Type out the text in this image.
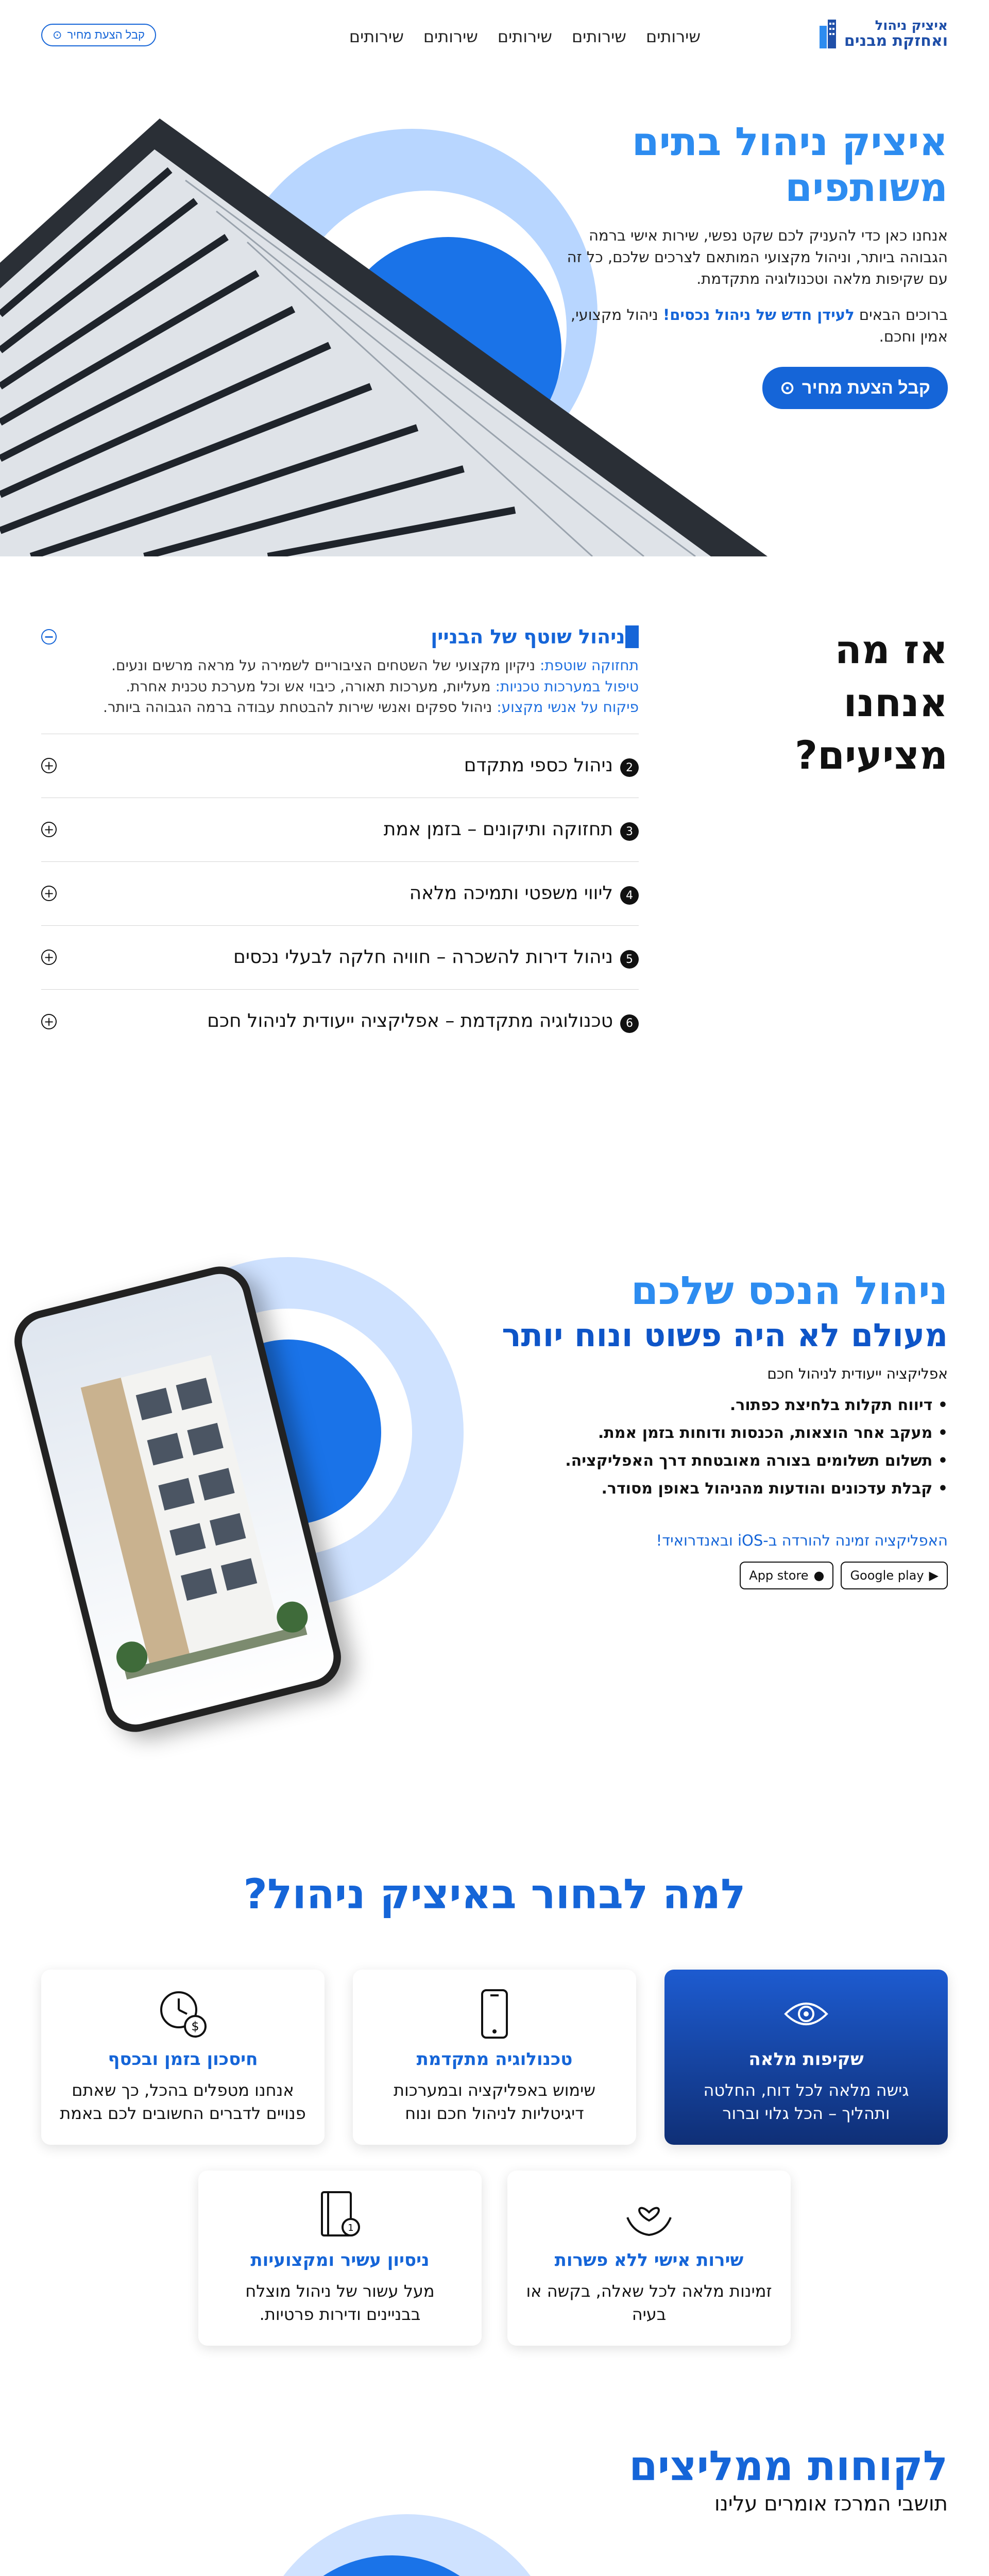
איציק ניהול
ואחזקת מבנים
שירותים
שירותים
שירותים
שירותים
שירותים
קבל הצעת מחיר
⊙
איציק ניהול בתים משותפים

אנחנו כאן כדי להעניק לכם שקט נפשי, שירות אישי ברמה הגבוהה ביותר, וניהול מקצועי המותאם לצרכים שלכם, כל זה עם שקיפות מלאה וטכנולוגיה מתקדמת.

ברוכים הבאים לעידן חדש של ניהול נכסים! ניהול מקצועי, אמין וחכם.

קבל הצעת מחיר
⊙
אז מה אנחנו מציעים?
1ניהול שוטף של הבניין
−

תחזוקה שוטפת: ניקיון מקצועי של השטחים הציבוריים לשמירה על מראה מרשים ונעים.

טיפול במערכות טכניות: מעליות, מערכות תאורה, כיבוי אש וכל מערכת טכנית אחרת.

פיקוח על אנשי מקצוע: ניהול ספקים ואנשי שירות להבטחת עבודה ברמה הגבוהה ביותר.

2ניהול כספי מתקדם
+
3תחזוקה ותיקונים – בזמן אמת
+
4ליווי משפטי ותמיכה מלאה
+
5ניהול דירות להשכרה – חוויה חלקה לבעלי נכסים
+
6טכנולוגיה מתקדמת – אפליקציה ייעודית לניהול חכם
+
ניהול הנכס שלכם
מעולם לא היה פשוט ונוח יותר

אפליקציה ייעודית לניהול חכם

• דיווח תקלות בלחיצת כפתור.
• מעקב אחר הוצאות, הכנסות ודוחות בזמן אמת.
• תשלום תשלומים בצורה מאובטחת דרך האפליקציה.
• קבלת עדכונים והודעות מהניהול באופן מסודר.

האפליקציה זמינה להורדה ב-iOS ובאנדרואיד!

▶
Google play
●
App store
למה לבחור באיציק ניהול?
שקיפות מלאה

גישה מלאה לכל דוח, החלטה ותהליך – הכל גלוי וברור

טכנולוגיה מתקדמת

שימוש באפליקציה ובמערכות דיגיטליות לניהול חכם ונוח

$
חיסכון בזמן ובכסף

אנחנו מטפלים בהכל, כך שאתם פנויים לדברים החשובים לכם באמת

שירות אישי ללא פשרות

זמינות מלאה לכל שאלה, בקשה או בעיה

1
ניסיון עשיר ומקצועיות

מעל עשור של ניהול מוצלח בבניינים ודירות פרטיות.

לקוחות ממליצים

תושבי המרכז אומרים עלינו
